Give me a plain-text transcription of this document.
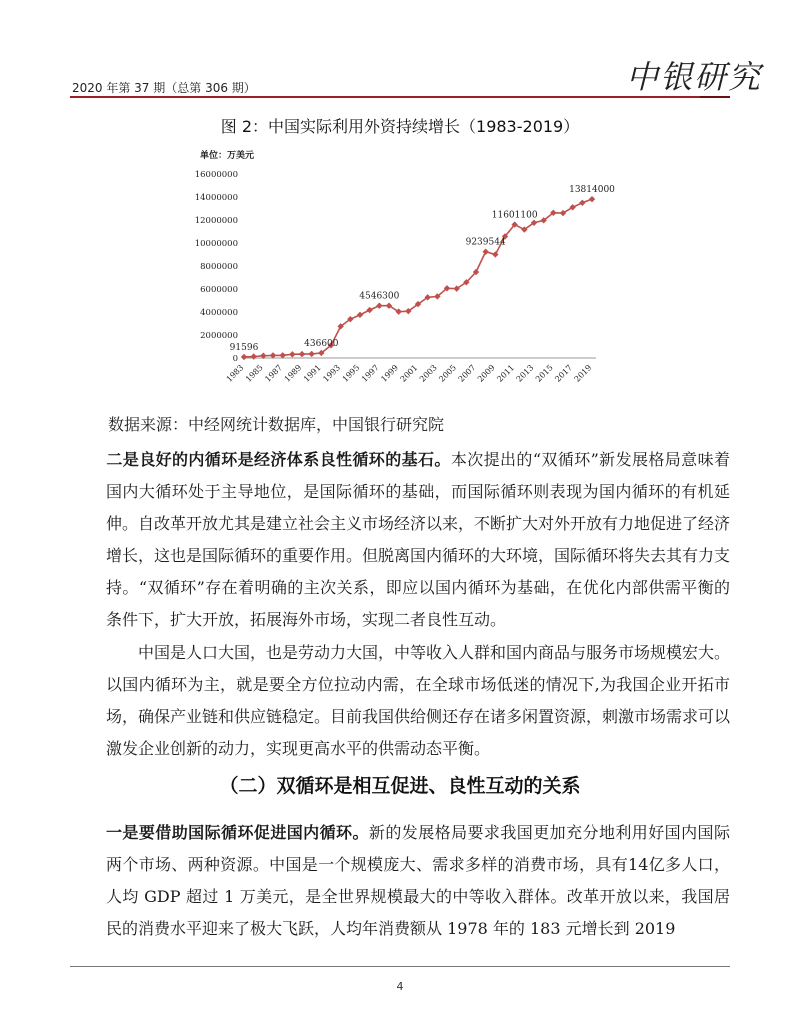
2020 年第 37 期（总第 306 期）	中银研究
图 2：中国实际利用外资持续增长（1983-2019）
单位：万美元
0
2000000
4000000
6000000
8000000
10000000
12000000
14000000
16000000
1983
1985
1987
1989
1991
1993
1995
1997
1999
2001
2003
2005
2007
2009
2011
2013
2015
2017
2019
91596	436600
4546300
9239544
11601100
13814000
数据来源：中经网统计数据库，中国银行研究院

二是良好的内循环是经济体系良性循环的基石。本次提出的“双循环”新发展格局意味着国内大循环处于主导地位，是国际循环的基础，而国际循环则表现为国内循环的有机延伸。自改革开放尤其是建立社会主义市场经济以来，不断扩大对外开放有力地促进了经济增长，这也是国际循环的重要作用。但脱离国内循环的大环境，国际循环将失去其有力支持。“双循环”存在着明确的主次关系，即应以国内循环为基础，在优化内部供需平衡的条件下，扩大开放，拓展海外市场，实现二者良性互动。

中国是人口大国，也是劳动力大国，中等收入人群和国内商品与服务市场规模宏大。以国内循环为主，就是要全方位拉动内需，在全球市场低迷的情况下,为我国企业开拓市场，确保产业链和供应链稳定。目前我国供给侧还存在诸多闲置资源，刺激市场需求可以激发企业创新的动力，实现更高水平的供需动态平衡。

（二）双循环是相互促进、良性互动的关系

一是要借助国际循环促进国内循环。新的发展格局要求我国更加充分地利用好国内国际两个市场、两种资源。中国是一个规模庞大、需求多样的消费市场，具有14亿多人口，人均 GDP 超过 1 万美元，是全世界规模最大的中等收入群体。改革开放以来，我国居民的消费水平迎来了极大飞跃，人均年消费额从 1978 年的 183 元增长到 2019

4
